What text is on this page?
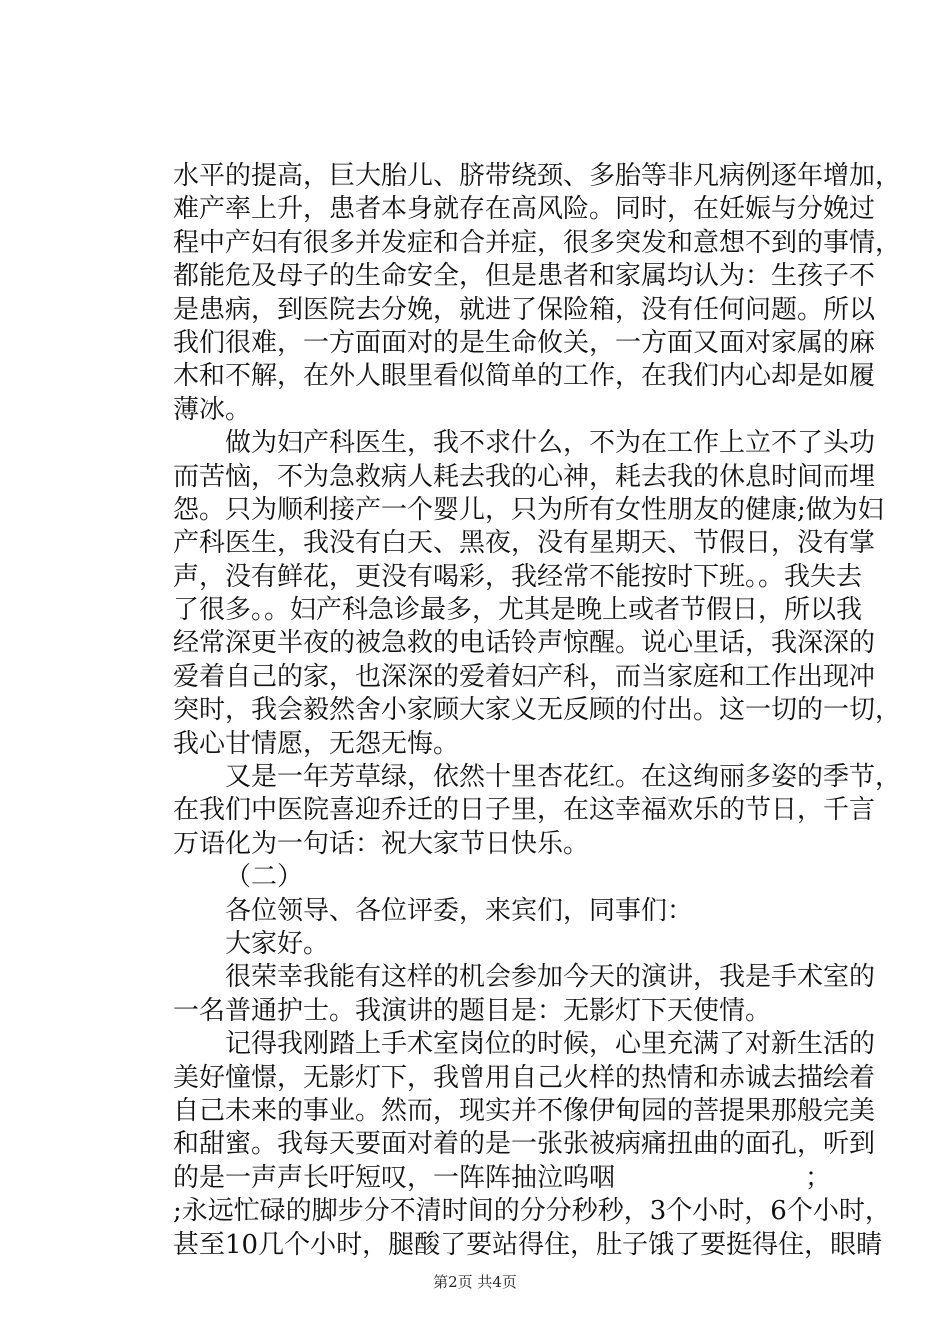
水平的提高，巨大胎儿、脐带绕颈、多胎等非凡病例逐年增加，
难产率上升，患者本身就存在高风险。同时，在妊娠与分娩过
程中产妇有很多并发症和合并症，很多突发和意想不到的事情，
都能危及母子的生命安全，但是患者和家属均认为：生孩子不
是患病，到医院去分娩，就进了保险箱，没有任何问题。所以
我们很难，一方面面对的是生命攸关，一方面又面对家属的麻
木和不解，在外人眼里看似简单的工作，在我们内心却是如履
薄冰。
做为妇产科医生，我不求什么，不为在工作上立不了头功
而苦恼，不为急救病人耗去我的心神，耗去我的休息时间而埋
怨。只为顺利接产一个婴儿，只为所有女性朋友的健康;做为妇
产科医生，我没有白天、黑夜，没有星期天、节假日，没有掌
声，没有鲜花，更没有喝彩，我经常不能按时下班。。我失去
了很多。。妇产科急诊最多，尤其是晚上或者节假日，所以我
经常深更半夜的被急救的电话铃声惊醒。说心里话，我深深的
爱着自己的家，也深深的爱着妇产科，而当家庭和工作出现冲
突时，我会毅然舍小家顾大家义无反顾的付出。这一切的一切，
我心甘情愿，无怨无悔。
又是一年芳草绿，依然十里杏花红。在这绚丽多姿的季节，
在我们中医院喜迎乔迁的日子里，在这幸福欢乐的节日，千言
万语化为一句话：祝大家节日快乐。
（二）
各位领导、各位评委，来宾们，同事们：
大家好。
很荣幸我能有这样的机会参加今天的演讲，我是手术室的
一名普通护士。我演讲的题目是：无影灯下天使情。
记得我刚踏上手术室岗位的时候，心里充满了对新生活的
美好憧憬，无影灯下，我曾用自己火样的热情和赤诚去描绘着
自己未来的事业。然而，现实并不像伊甸园的菩提果那般完美
和甜蜜。我每天要面对着的是一张张被病痛扭曲的面孔，听到
的是一声声长吁短叹，一阵阵抽泣呜咽	；
;永远忙碌的脚步分不清时间的分分秒秒，3个小时，6个小时，
甚至10几个小时，腿酸了要站得住，肚子饿了要挺得住，眼睛
第2页 共4页
